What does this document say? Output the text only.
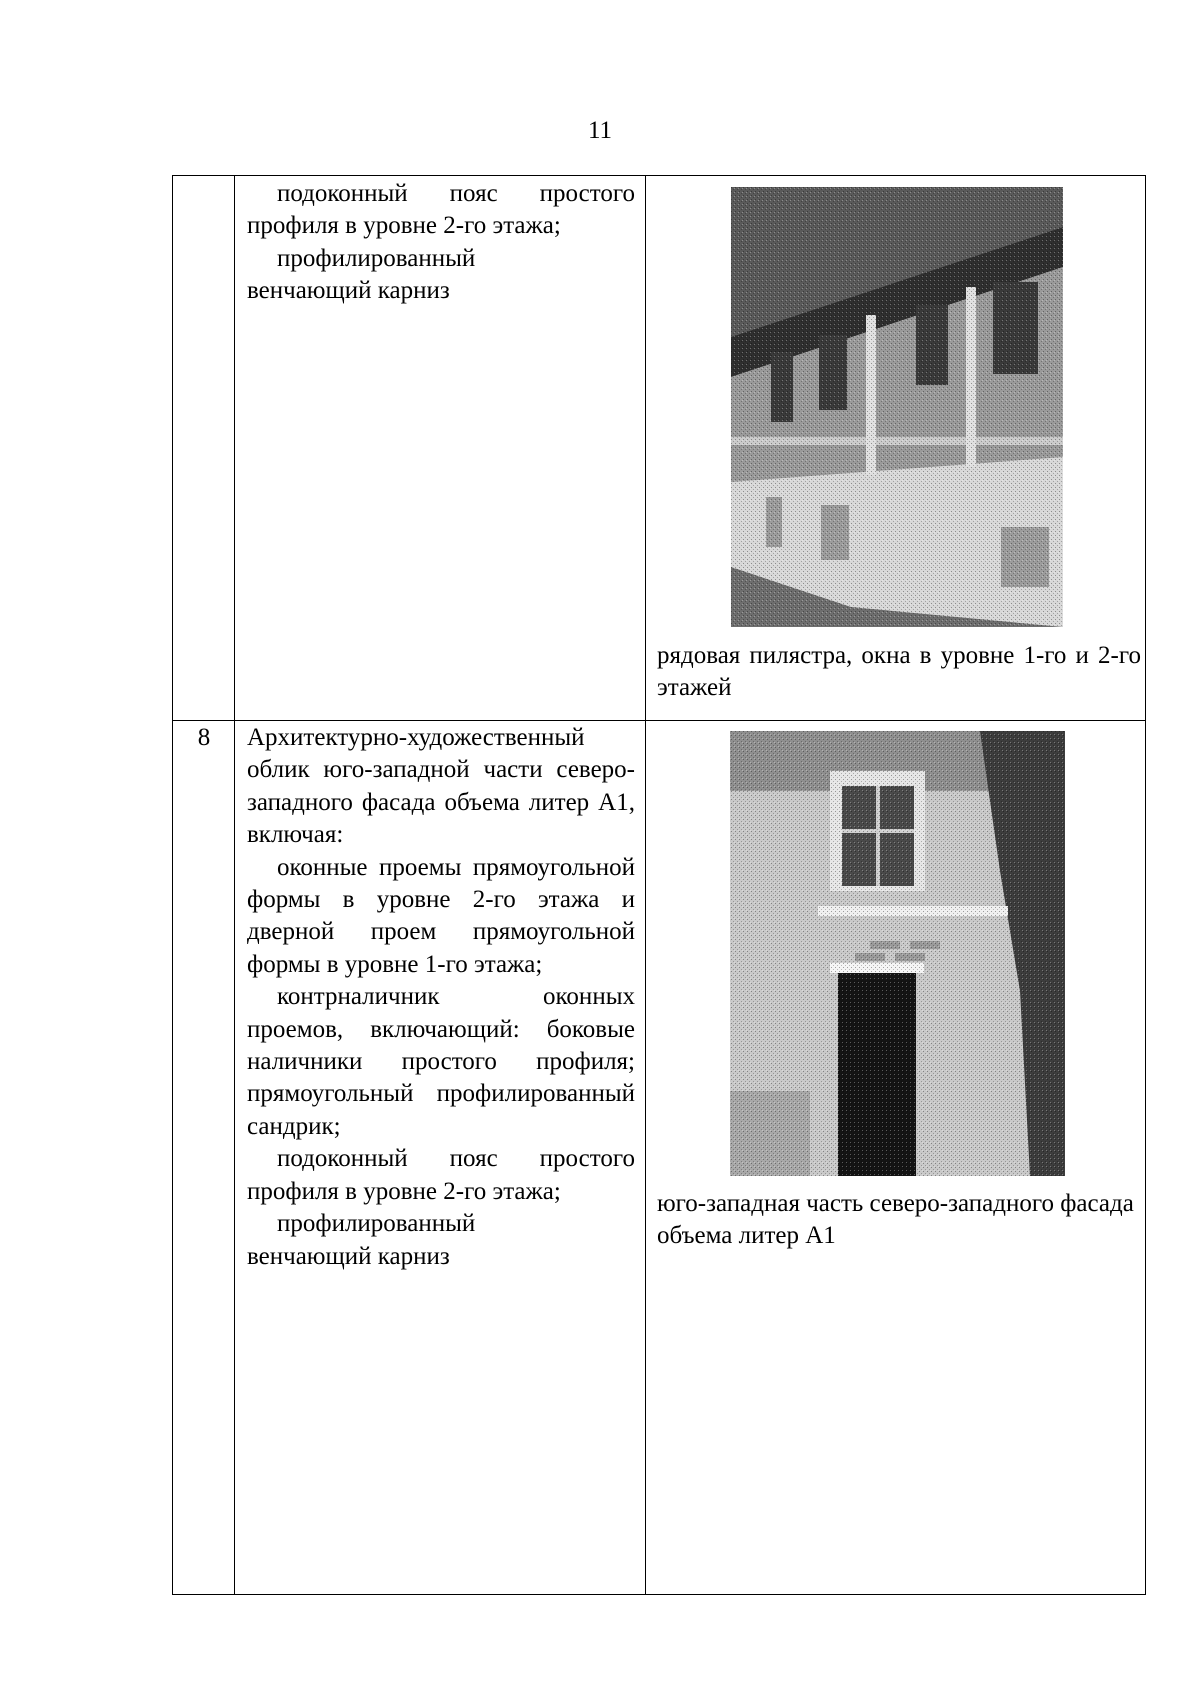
11
подоконный пояс простого профиля в уровне 2-го этажа;
профилированный венчающий карниз
рядовая пилястра, окна в уровне 1-го и 2-го этажей
8	Архитектурно-художественный облик юго-западной части северо-западного фасада объема литер А1, включая:
оконные проемы прямоугольной формы в уровне 2-го этажа и дверной проем прямоугольной формы в уровне 1-го этажа;
контрналичник оконных проемов, включающий: боковые наличники простого профиля; прямоугольный профилированный сандрик;
подоконный пояс простого профиля в уровне 2-го этажа;
профилированный венчающий карниз
юго-западная часть северо-западного фасада объема литер А1
